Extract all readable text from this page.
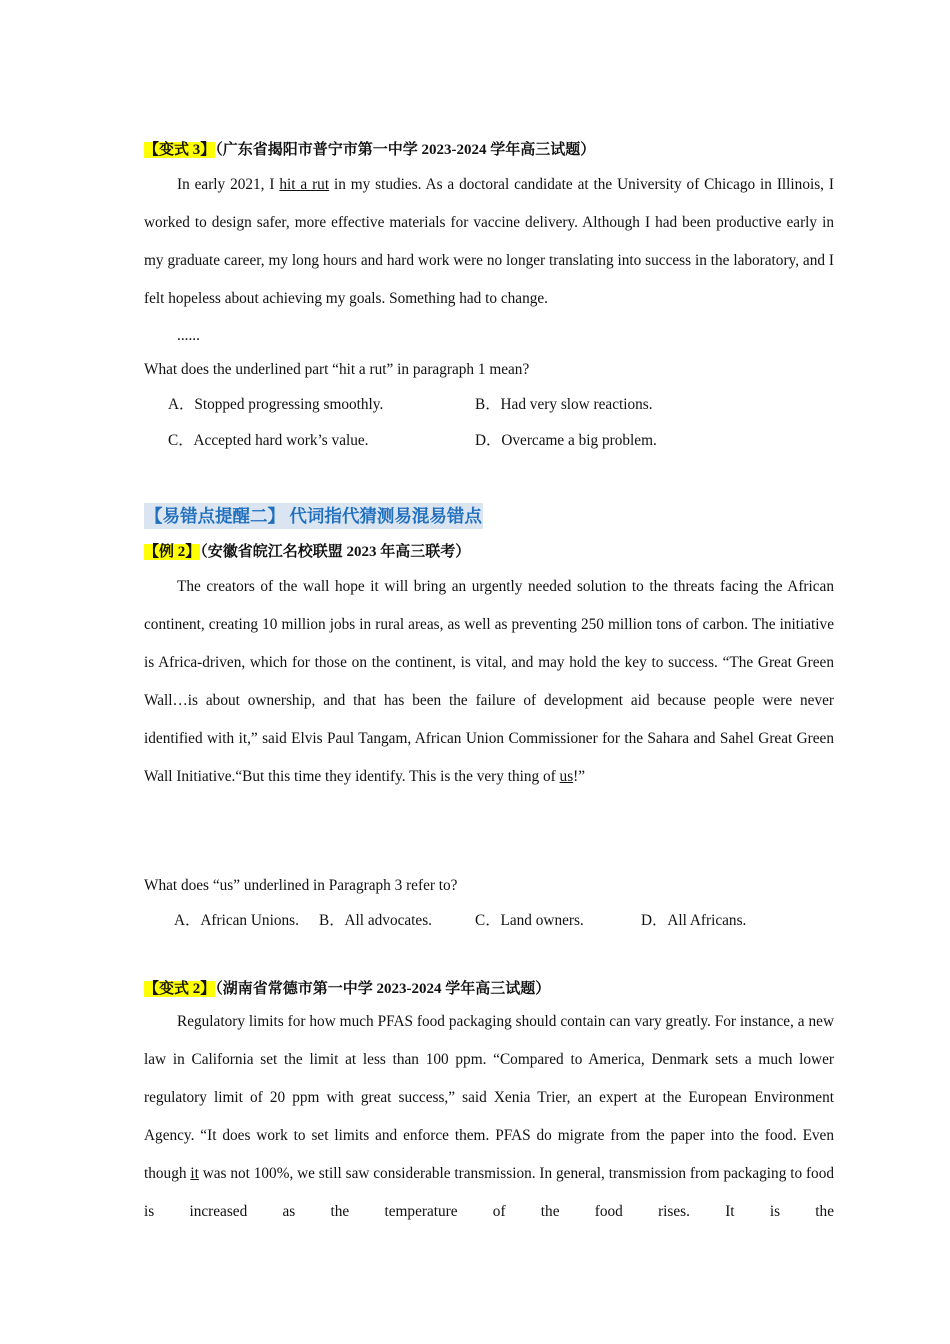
【变式 3】（广东省揭阳市普宁市第一中学 2023-2024 学年高三试题）
In early 2021, I hit a rut in my studies. As a doctoral candidate at the University of Chicago in Illinois, I worked to design safer, more effective materials for vaccine delivery. Although I had been productive early in my graduate career, my long hours and hard work were no longer translating into success in the laboratory, and I felt hopeless about achieving my goals. Something had to change.
......
What does the underlined part “hit a rut” in paragraph 1 mean?
A．Stopped progressing smoothly.	B．Had very slow reactions.
C．Accepted hard work’s value.	D．Overcame a big problem.
【易错点提醒二】 代词指代猜测易混易错点
【例 2】（安徽省皖江名校联盟 2023 年高三联考）
The creators of the wall hope it will bring an urgently needed solution to the threats facing the African continent, creating 10 million jobs in rural areas, as well as preventing 250 million tons of carbon. The initiative is Africa-driven, which for those on the continent, is vital, and may hold the key to success. “The Great Green Wall…is about ownership, and that has been the failure of development aid because people were never identified with it,” said Elvis Paul Tangam, African Union Commissioner for the Sahara and Sahel Great Green Wall Initiative.“But this time they identify. This is the very thing of us!”
What does “us” underlined in Paragraph 3 refer to?
A．African Unions. B．All advocates.	C．Land owners.	D．All Africans.
【变式 2】（湖南省常德市第一中学 2023-2024 学年高三试题）
Regulatory limits for how much PFAS food packaging should contain can vary greatly. For instance, a new law in California set the limit at less than 100 ppm. “Compared to America, Denmark sets a much lower regulatory limit of 20 ppm with great success,” said Xenia Trier, an expert at the European Environment Agency. “It does work to set limits and enforce them. PFAS do migrate from the paper into the food. Even though it was not 100%, we still saw considerable transmission. In general, transmission from packaging to food is increased as the temperature of the food rises. It is the
